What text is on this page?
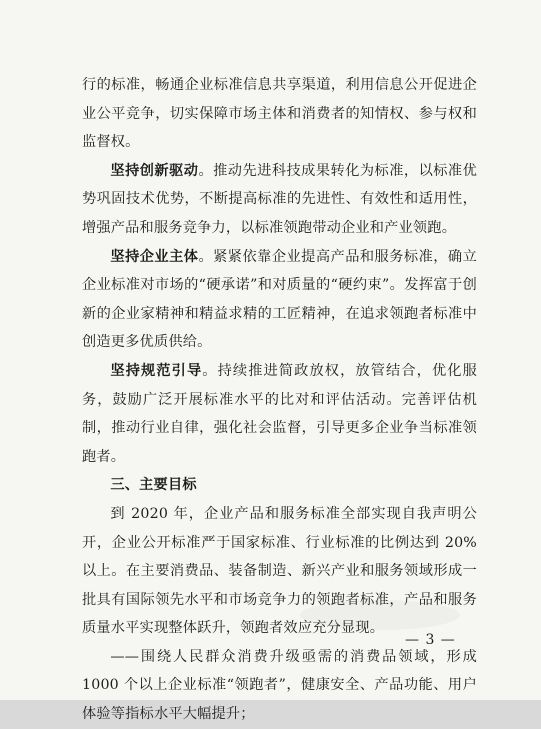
行的标准，畅通企业标准信息共享渠道，利用信息公开促进企业公平竞争，切实保障市场主体和消费者的知情权、参与权和监督权。

坚持创新驱动。推动先进科技成果转化为标准，以标准优势巩固技术优势，不断提高标准的先进性、有效性和适用性，增强产品和服务竞争力，以标准领跑带动企业和产业领跑。

坚持企业主体。紧紧依靠企业提高产品和服务标准，确立企业标准对市场的“硬承诺”和对质量的“硬约束”。发挥富于创新的企业家精神和精益求精的工匠精神，在追求领跑者标准中创造更多优质供给。

坚持规范引导。持续推进简政放权，放管结合，优化服务，鼓励广泛开展标准水平的比对和评估活动。完善评估机制，推动行业自律，强化社会监督，引导更多企业争当标准领跑者。

三、主要目标

到 2020 年，企业产品和服务标准全部实现自我声明公开，企业公开标准严于国家标准、行业标准的比例达到 20%以上。在主要消费品、装备制造、新兴产业和服务领域形成一批具有国际领先水平和市场竞争力的领跑者标准，产品和服务质量水平实现整体跃升，领跑者效应充分显现。

——围绕人民群众消费升级亟需的消费品领域，形成 1000 个以上企业标准“领跑者”，健康安全、产品功能、用户体验等指标水平大幅提升；

— 3 —
